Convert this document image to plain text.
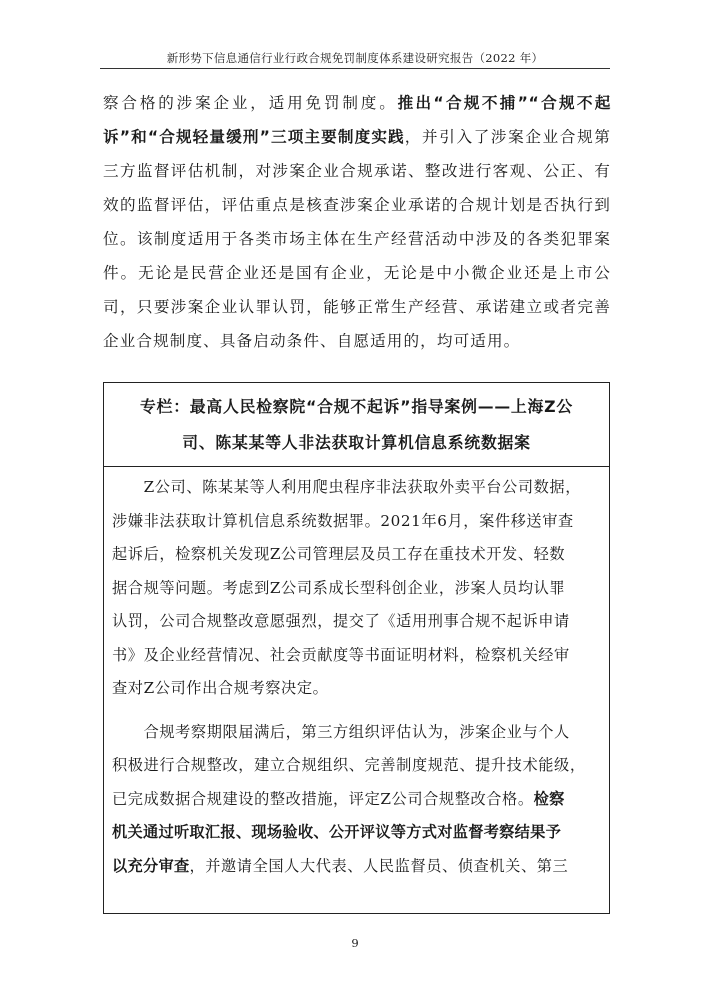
新形势下信息通信行业行政合规免罚制度体系建设研究报告（2022 年）
察合格的涉案企业，适用免罚制度。推出“合规不捕”“合规不起诉”和“合规轻量缓刑”三项主要制度实践，并引入了涉案企业合规第三方监督评估机制，对涉案企业合规承诺、整改进行客观、公正、有效的监督评估，评估重点是核查涉案企业承诺的合规计划是否执行到位。该制度适用于各类市场主体在生产经营活动中涉及的各类犯罪案件。无论是民营企业还是国有企业，无论是中小微企业还是上市公司，只要涉案企业认罪认罚，能够正常生产经营、承诺建立或者完善企业合规制度、具备启动条件、自愿适用的，均可适用。
专栏：最高人民检察院“合规不起诉”指导案例——上海Z公
司、陈某某等人非法获取计算机信息系统数据案

　　Z公司、陈某某等人利用爬虫程序非法获取外卖平台公司数据，
涉嫌非法获取计算机信息系统数据罪。2021年6月，案件移送审查
起诉后，检察机关发现Z公司管理层及员工存在重技术开发、轻数
据合规等问题。考虑到Z公司系成长型科创企业，涉案人员均认罪
认罚，公司合规整改意愿强烈，提交了《适用刑事合规不起诉申请
书》及企业经营情况、社会贡献度等书面证明材料，检察机关经审
查对Z公司作出合规考察决定。

　　合规考察期限届满后，第三方组织评估认为，涉案企业与个人
积极进行合规整改，建立合规组织、完善制度规范、提升技术能级，
已完成数据合规建设的整改措施，评定Z公司合规整改合格。检察
机关通过听取汇报、现场验收、公开评议等方式对监督考察结果予
以充分审查，并邀请全国人大代表、人民监督员、侦查机关、第三

9
